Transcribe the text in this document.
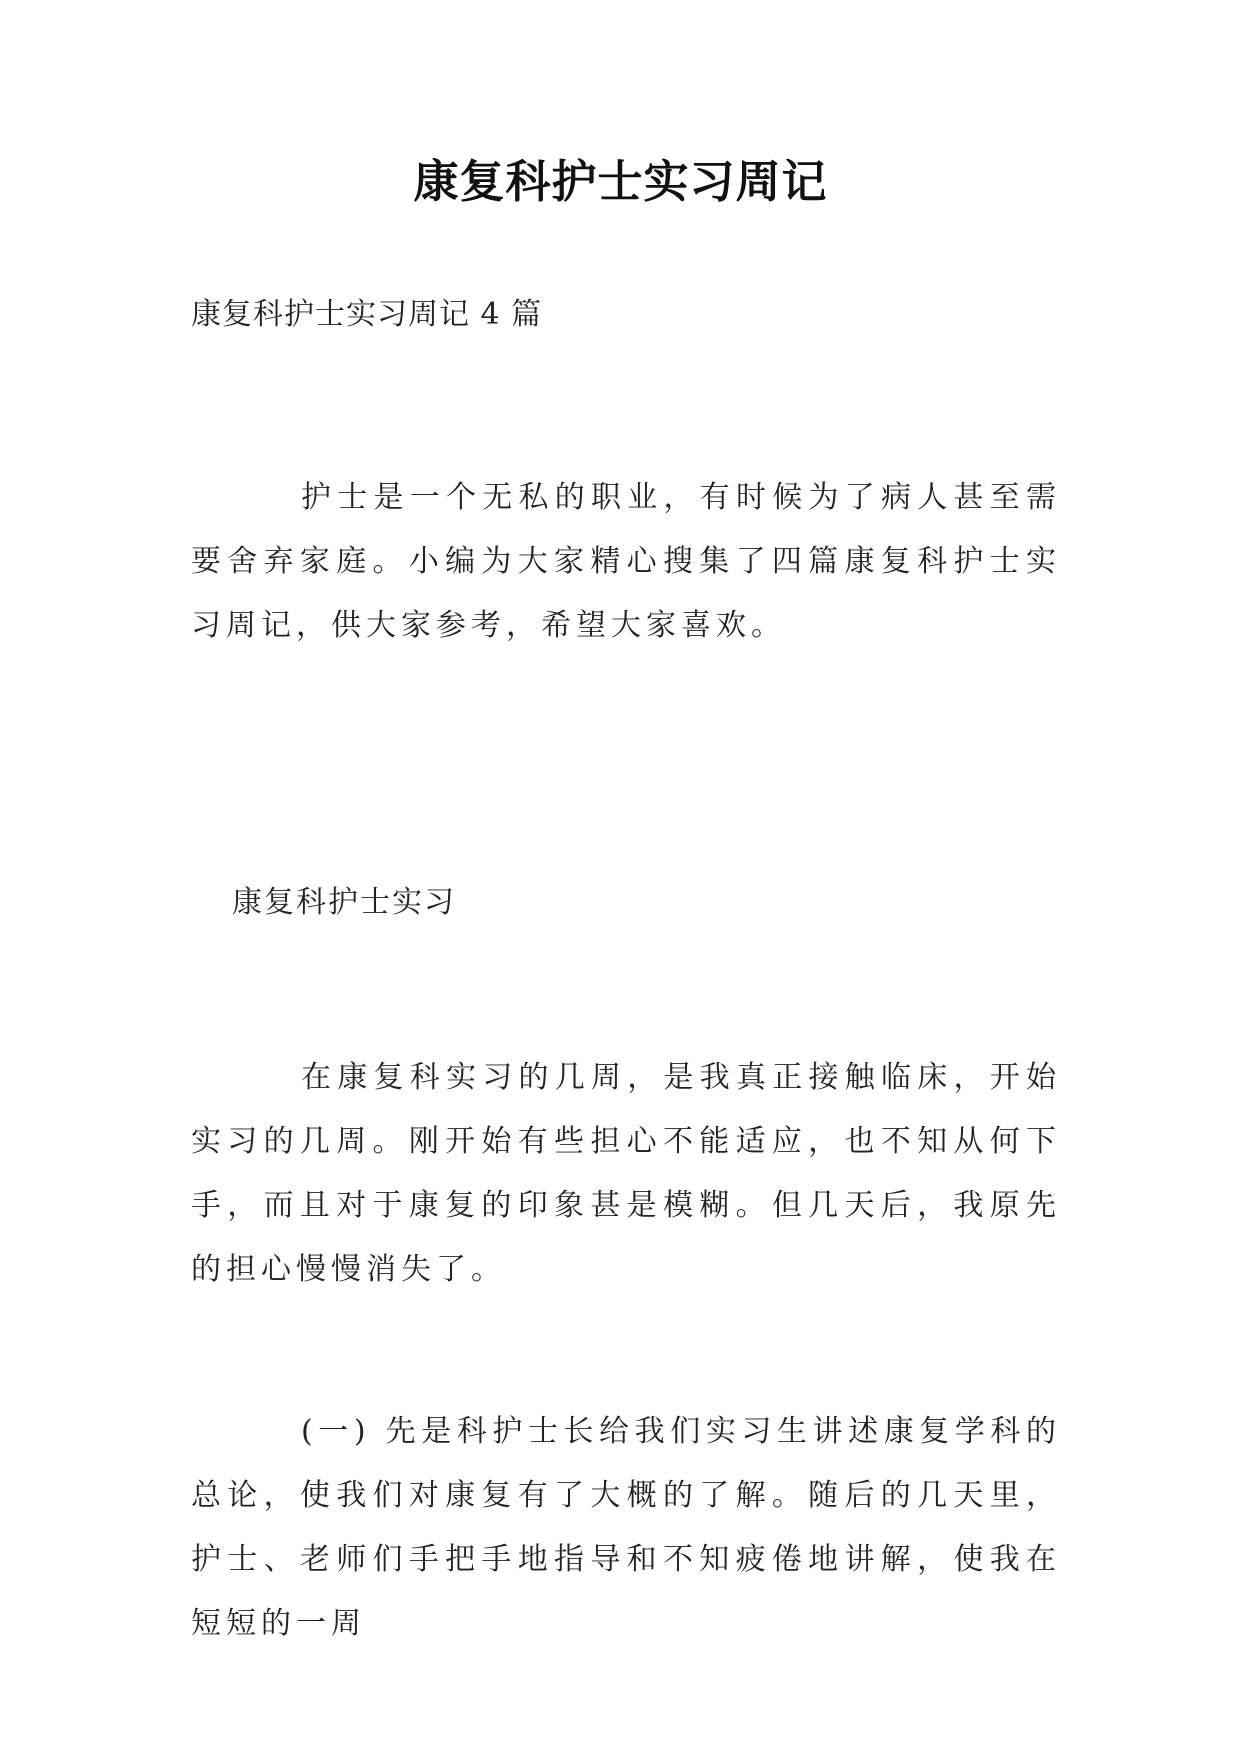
康复科护士实习周记
康复科护士实习周记 4 篇

护士是一个无私的职业，有时候为了病人甚至需要舍弃家庭。小编为大家精心搜集了四篇康复科护士实习周记，供大家参考，希望大家喜欢。

康复科护士实习

在康复科实习的几周，是我真正接触临床，开始实习的几周。刚开始有些担心不能适应，也不知从何下手，而且对于康复的印象甚是模糊。但几天后，我原先的担心慢慢消失了。

(一) 先是科护士长给我们实习生讲述康复学科的总论，使我们对康复有了大概的了解。随后的几天里，护士、老师们手把手地指导和不知疲倦地讲解，使我在短短的一周
